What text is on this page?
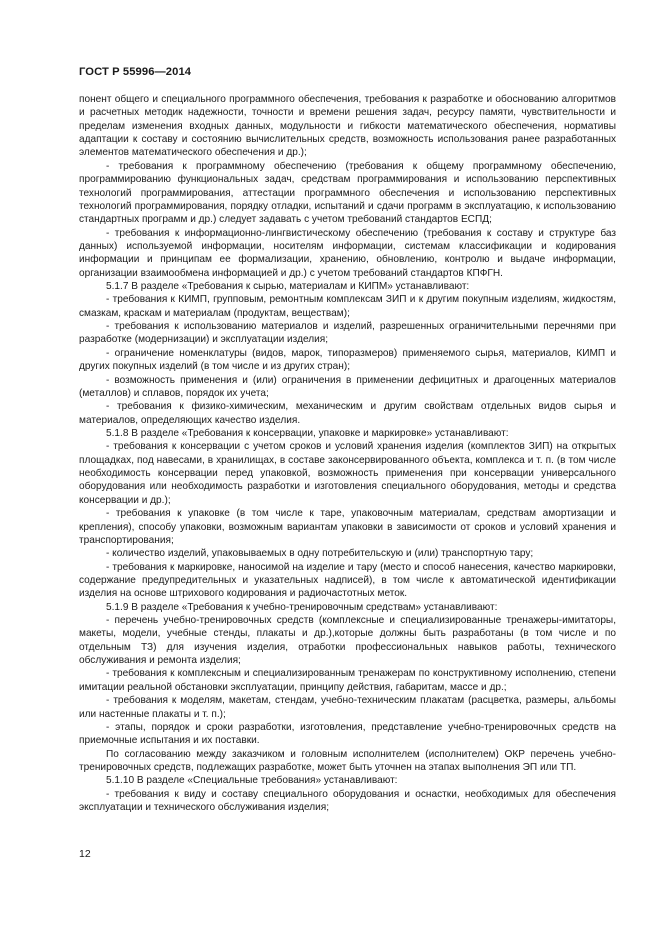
ГОСТ Р 55996—2014

понент общего и специального программного обеспечения, требования к разработке и обоснованию алгоритмов и расчетных методик надежности, точности и времени решения задач, ресурсу памяти, чувствительности и пределам изменения входных данных, модульности и гибкости математического обеспечения, нормативы адаптации к составу и состоянию вычислительных средств, возможность использования ранее разработанных элементов математического обеспечения и др.);

- требования к программному обеспечению (требования к общему программному обеспечению, программированию функциональных задач, средствам программирования и использованию перспективных технологий программирования, аттестации программного обеспечения и использованию перспективных технологий программирования, порядку отладки, испытаний и сдачи программ в эксплуатацию, к использованию стандартных программ и др.) следует задавать с учетом требований стандартов ЕСПД;

- требования к информационно-лингвистическому обеспечению (требования к составу и структуре баз данных) используемой информации, носителям информации, системам классификации и кодирования информации и принципам ее формализации, хранению, обновлению, контролю и выдаче информации, организации взаимообмена информацией и др.) с учетом требований стандартов КПФГН.

5.1.7 В разделе «Требования к сырью, материалам и КИПМ» устанавливают:

- требования к КИМП, групповым, ремонтным комплексам ЗИП и к другим покупным изделиям, жидкостям, смазкам, краскам и материалам (продуктам, веществам);

- требования к использованию материалов и изделий, разрешенных ограничительными перечнями при разработке (модернизации) и эксплуатации изделия;

- ограничение номенклатуры (видов, марок, типоразмеров) применяемого сырья, материалов, КИМП и других покупных изделий (в том числе и из других стран);

- возможность применения и (или) ограничения в применении дефицитных и драгоценных материалов (металлов) и сплавов, порядок их учета;

- требования к физико-химическим, механическим и другим свойствам отдельных видов сырья и материалов, определяющих качество изделия.

5.1.8 В разделе «Требования к консервации, упаковке и маркировке» устанавливают:

- требования к консервации с учетом сроков и условий хранения изделия (комплектов ЗИП) на открытых площадках, под навесами, в хранилищах, в составе законсервированного объекта, комплекса и т. п. (в том числе необходимость консервации перед упаковкой, возможность применения при консервации универсального оборудования или необходимость разработки и изготовления специального оборудования, методы и средства консервации и др.);

- требования к упаковке (в том числе к таре, упаковочным материалам, средствам амортизации и крепления), способу упаковки, возможным вариантам упаковки в зависимости от сроков и условий хранения и транспортирования;

- количество изделий, упаковываемых в одну потребительскую и (или) транспортную тару;

- требования к маркировке, наносимой на изделие и тару (место и способ нанесения, качество маркировки, содержание предупредительных и указательных надписей), в том числе к автоматической идентификации изделия на основе штрихового кодирования и радиочастотных меток.

5.1.9 В разделе «Требования к учебно-тренировочным средствам» устанавливают:

- перечень учебно-тренировочных средств (комплексные и специализированные тренажеры-имитаторы, макеты, модели, учебные стенды, плакаты и др.),которые должны быть разработаны (в том числе и по отдельным ТЗ) для изучения изделия, отработки профессиональных навыков работы, технического обслуживания и ремонта изделия;

- требования к комплексным и специализированным тренажерам по конструктивному исполнению, степени имитации реальной обстановки эксплуатации, принципу действия, габаритам, массе и др.;

- требования к моделям, макетам, стендам, учебно-техническим плакатам (расцветка, размеры, альбомы или настенные плакаты и т. п.);

- этапы, порядок и сроки разработки, изготовления, представление учебно-тренировочных средств на приемочные испытания и их поставки.

По согласованию между заказчиком и головным исполнителем (исполнителем) ОКР перечень учебно-тренировочных средств, подлежащих разработке, может быть уточнен на этапах выполнения ЭП или ТП.

5.1.10 В разделе «Специальные требования» устанавливают:

- требования к виду и составу специального оборудования и оснастки, необходимых для обеспечения эксплуатации и технического обслуживания изделия;

12
